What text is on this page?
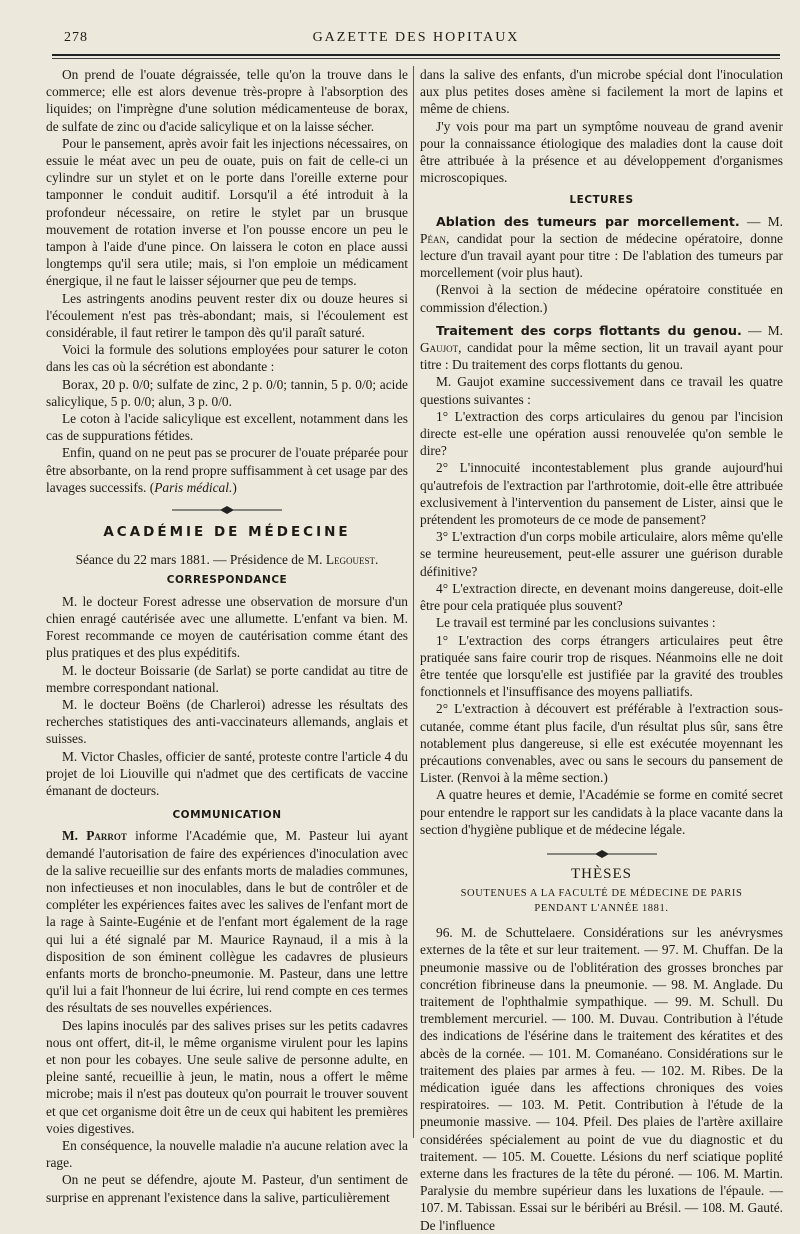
278	GAZETTE DES HOPITAUX

On prend de l'ouate dégraissée, telle qu'on la trouve dans le commerce; elle est alors devenue très-propre à l'absorption des liquides; on l'imprègne d'une solution médicamenteuse de borax, de sulfate de zinc ou d'acide salicylique et on la laisse sécher.

Pour le pansement, après avoir fait les injections nécessaires, on essuie le méat avec un peu de ouate, puis on fait de celle-ci un cylindre sur un stylet et on le porte dans l'oreille externe pour tamponner le conduit auditif. Lorsqu'il a été introduit à la profondeur nécessaire, on retire le stylet par un brusque mouvement de rotation inverse et l'on pousse encore un peu le tampon à l'aide d'une pince. On laissera le coton en place aussi longtemps qu'il sera utile; mais, si l'on emploie un médicament énergique, il ne faut le laisser séjourner que peu de temps.

Les astringents anodins peuvent rester dix ou douze heures si l'écoulement n'est pas très-abondant; mais, si l'écoulement est considérable, il faut retirer le tampon dès qu'il paraît saturé.

Voici la formule des solutions employées pour saturer le coton dans les cas où la sécrétion est abondante :

Borax, 20 p. 0/0; sulfate de zinc, 2 p. 0/0; tannin, 5 p. 0/0; acide salicylique, 5 p. 0/0; alun, 3 p. 0/0.

Le coton à l'acide salicylique est excellent, notamment dans les cas de suppurations fétides.

Enfin, quand on ne peut pas se procurer de l'ouate préparée pour être absorbante, on la rend propre suffisamment à cet usage par des lavages successifs. (Paris médical.)

ACADÉMIE DE MÉDECINE

Séance du 22 mars 1881. — Présidence de M. Legouest.

CORRESPONDANCE

M. le docteur Forest adresse une observation de morsure d'un chien enragé cautérisée avec une allumette. L'enfant va bien. M. Forest recommande ce moyen de cautérisation comme étant des plus pratiques et des plus expéditifs.

M. le docteur Boissarie (de Sarlat) se porte candidat au titre de membre correspondant national.

M. le docteur Boëns (de Charleroi) adresse les résultats des recherches statistiques des anti-vaccinateurs allemands, anglais et suisses.

M. Victor Chasles, officier de santé, proteste contre l'article 4 du projet de loi Liouville qui n'admet que des certificats de vaccine émanant de docteurs.

COMMUNICATION

M. Parrot informe l'Académie que, M. Pasteur lui ayant demandé l'autorisation de faire des expériences d'inoculation avec de la salive recueillie sur des enfants morts de maladies communes, non infectieuses et non inoculables, dans le but de contrôler et de compléter les expériences faites avec les salives de l'enfant mort de la rage à Sainte-Eugénie et de l'enfant mort également de la rage qui lui a été signalé par M. Maurice Raynaud, il a mis à la disposition de son éminent collègue les cadavres de plusieurs enfants morts de broncho-pneumonie. M. Pasteur, dans une lettre qu'il lui a fait l'honneur de lui écrire, lui rend compte en ces termes des résultats de ses nouvelles expériences.

Des lapins inoculés par des salives prises sur les petits cadavres nous ont offert, dit-il, le même organisme virulent pour les lapins et non pour les cobayes. Une seule salive de personne adulte, en pleine santé, recueillie à jeun, le matin, nous a offert le même microbe; mais il n'est pas douteux qu'on pourrait le trouver souvent et que cet organisme doit être un de ceux qui habitent les premières voies digestives.

En conséquence, la nouvelle maladie n'a aucune relation avec la rage.

On ne peut se défendre, ajoute M. Pasteur, d'un sentiment de surprise en apprenant l'existence dans la salive, particulièrement

dans la salive des enfants, d'un microbe spécial dont l'inoculation aux plus petites doses amène si facilement la mort de lapins et même de chiens.

J'y vois pour ma part un symptôme nouveau de grand avenir pour la connaissance étiologique des maladies dont la cause doit être attribuée à la présence et au développement d'organismes microscopiques.

LECTURES

Ablation des tumeurs par morcellement. — M. Péan, candidat pour la section de médecine opératoire, donne lecture d'un travail ayant pour titre : De l'ablation des tumeurs par morcellement (voir plus haut).

(Renvoi à la section de médecine opératoire constituée en commission d'élection.)

Traitement des corps flottants du genou. — M. Gaujot, candidat pour la même section, lit un travail ayant pour titre : Du traitement des corps flottants du genou.

M. Gaujot examine successivement dans ce travail les quatre questions suivantes :

1° L'extraction des corps articulaires du genou par l'incision directe est-elle une opération aussi renouvelée qu'on semble le dire?

2° L'innocuité incontestablement plus grande aujourd'hui qu'autrefois de l'extraction par l'arthrotomie, doit-elle être attribuée exclusivement à l'intervention du pansement de Lister, ainsi que le prétendent les promoteurs de ce mode de pansement?

3° L'extraction d'un corps mobile articulaire, alors même qu'elle se termine heureusement, peut-elle assurer une guérison durable définitive?

4° L'extraction directe, en devenant moins dangereuse, doit-elle être pour cela pratiquée plus souvent?

Le travail est terminé par les conclusions suivantes :

1° L'extraction des corps étrangers articulaires peut être pratiquée sans faire courir trop de risques. Néanmoins elle ne doit être tentée que lorsqu'elle est justifiée par la gravité des troubles fonctionnels et l'insuffisance des moyens palliatifs.

2° L'extraction à découvert est préférable à l'extraction sous-cutanée, comme étant plus facile, d'un résultat plus sûr, sans être notablement plus dangereuse, si elle est exécutée moyennant les précautions convenables, avec ou sans le secours du pansement de Lister. (Renvoi à la même section.)

A quatre heures et demie, l'Académie se forme en comité secret pour entendre le rapport sur les candidats à la place vacante dans la section d'hygiène publique et de médecine légale.

THÈSES
SOUTENUES A LA FACULTÉ DE MÉDECINE DE PARIS
PENDANT L'ANNÉE 1881.

96. M. de Schuttelaere. Considérations sur les anévrysmes externes de la tête et sur leur traitement. — 97. M. Chuffan. De la pneumonie massive ou de l'oblitération des grosses bronches par concrétion fibrineuse dans la pneumonie. — 98. M. Anglade. Du traitement de l'ophthalmie sympathique. — 99. M. Schull. Du tremblement mercuriel. — 100. M. Duvau. Contribution à l'étude des indications de l'ésérine dans le traitement des kératites et des abcès de la cornée. — 101. M. Comanéano. Considérations sur le traitement des plaies par armes à feu. — 102. M. Ribes. De la médication iguée dans les affections chroniques des voies respiratoires. — 103. M. Petit. Contribution à l'étude de la pneumonie massive. — 104. Pfeil. Des plaies de l'artère axillaire considérées spécialement au point de vue du diagnostic et du traitement. — 105. M. Couette. Lésions du nerf sciatique poplité externe dans les fractures de la tête du péroné. — 106. M. Martin. Paralysie du membre supérieur dans les luxations de l'épaule. — 107. M. Tabissan. Essai sur le béribéri au Brésil. — 108. M. Gauté. De l'influence
